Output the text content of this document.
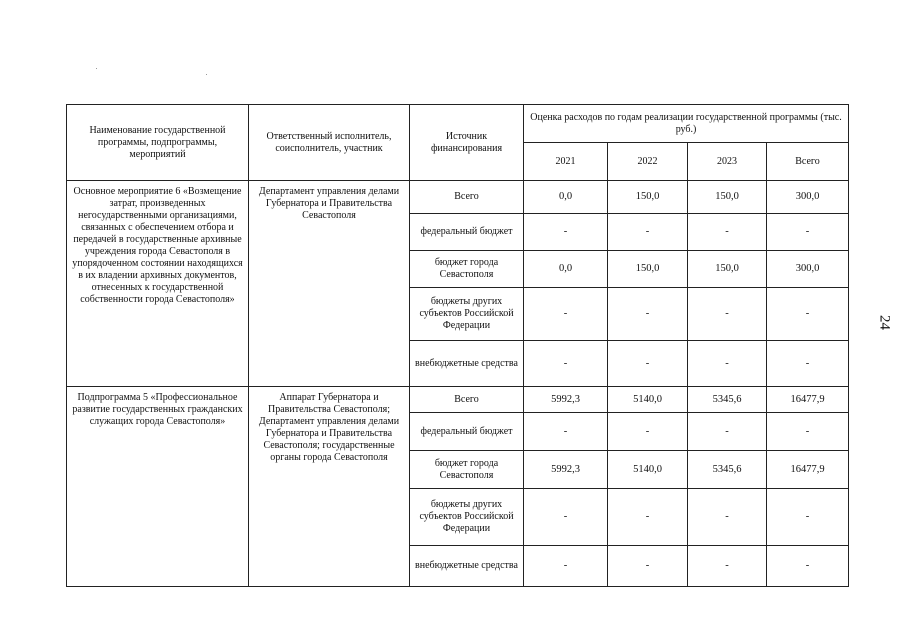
Наименование государственной программы, подпрограммы, мероприятий	Ответственный исполнитель, соисполнитель, участник	Источник финансирования	Оценка расходов по годам реализации государственной программы (тыс. руб.)			
			2021	2022	2023	Всего
Основное мероприятие 6 «Возмещение затрат, произведенных негосударственными организациями, связанных с обеспечением отбора и передачей в государственные архивные учреждения города Севастополя в упорядоченном состоянии находящихся в их владении архивных документов, отнесенных к государственной собственности города Севастополя»	Департамент управления делами Губернатора и Правительства Севастополя	Всего	0,0	150,0	150,0	300,0
		федеральный бюджет	-	-	-	-
		бюджет города Севастополя	0,0	150,0	150,0	300,0
		бюджеты других субъектов Российской Федерации	-	-	-	-
		внебюджетные средства	-	-	-	-
Подпрограмма 5 «Профессиональное развитие государственных гражданских служащих города Севастополя»	Аппарат Губернатора и Правительства Севастополя; Департамент управления делами Губернатора и Правительства Севастополя; государственные органы города Севастополя	Всего	5992,3	5140,0	5345,6	16477,9
		федеральный бюджет	-	-	-	-
		бюджет города Севастополя	5992,3	5140,0	5345,6	16477,9
		бюджеты других субъектов Российской Федерации	-	-	-	-
		внебюджетные средства	-	-	-	-
24
